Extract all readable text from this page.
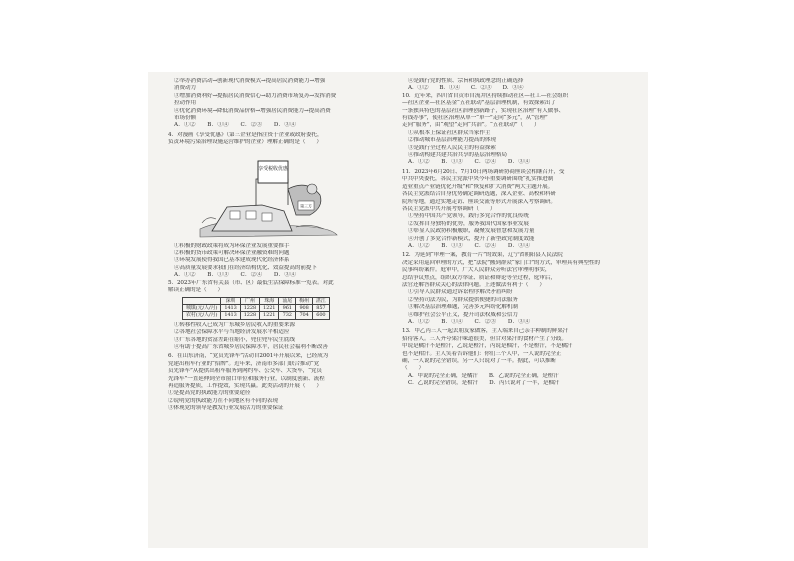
②举办消费活动→创新现代消费模式→提高居民消费能力→增强
消费动力
③增加消费利好→提振居民消费信心→助力消费市场复苏→发挥消费
拉动作用
④优化消费环境→降低消费品价格→增强居民消费能力→提高消费
市场份额
A．①②　　B．①④　　C．②③　　D．③④
4．对漫画《享受优惠》（第三企业是指注资于企业或政府委托，
负责环境污染治理设施运营维护的企业）理解正确的是（　　）
享受税收优惠
第三方
①积极的财政政策将成为环保企业发展重要推手
②积极的货币政策可解决环保企业融资难的问题
③环境发展使得我国已基本建成现代化经济体系
④高质量发展要求我们在经济结构优化、效益提高的前提下
A．①②　　B．①③　　C．②④　　D．③④
5．2023年广东省有关县（市、区）最低生活保障标准一览表。对此
解读正确的是（　　）
	深圳	广州	珠海	汕尾	梅州	湛江
城镇(元/人/月)	1413	1228	1221	961	908	857
农村(元/人/月)	1413	1228	1221	732	704	600
①转移性收入已成为广东城乡居民收入的重要来源
②各地社会保障水平与当地经济发展水平相适应
③广东各地的贫富差距在缩小，兜住兜牢民生底线
④有助于提高广东省城乡居民保障水平，居民社会福利不断改善
6．在山东济南，“党员先锋车”活动自2001年开展以来，已经成为
党建出租车行业的“招牌”。近年来，济南市多部门联合推动“党
员先锋车”从提供出租车服务到网约车、公交车、大货车，“党员
先锋车”一直延伸到全市窗口单位和服务行业，以制度创新、流程
再造服务提质，工作提效，实现共赢。此类活动的开展（　　）
①是提高党的执政能力的重要途径
②说明党的执政能力在不同地区有不同的表现
③体现党的领导是教发行业发展活力的重要保证
④是践行党的性质、宗旨和执政理念的正确选择
A．①②　　B．①④　　C．②③　　D．③④
10．近年来，四川省自贡市自流井区持续推动社区—社工—社会组织
—社区企业—社区基金“五社联动”基层治理机制，有效探索出了
一条独具特色的基层社区治理创新路子，实现社区治理“有人做事、
有钱办事”，使社区治理从单一“单一”走向“多元”，从“管理”
走向“服务”，由“观望”走向“共治”。“五社联动”（　　）
①从根本上保证社区群众当家作主
②推动城市基层治理能力提高的体现
③是践行全过程人民民主的有益探索
④推动构建共建共治共享的基层治理格局
A．①②　　B．①③　　C．②④　　D．③④
11．2023年6月20日、7月10日两场调研协商座谈会相继召开，受
中共中央委托，各民主党派中央今年重要调研围绕“扎实推进制
造业重点产业链优化升级”和“恢复和扩大消费”两大主题开展。
各民主党派结合自身优势确定调研选题，深入企业、高校和科研
院所等地，通过实地走访、座谈交流等形式开展深入考察调研。
各民主党派中共开展考察调研（　　）
①坚持中国共产党领导，践行多党合作的优良传统
②发挥自身独特的优势，服务我国代国家事业发展
③彰显人民政协积极履职，凝聚发展智慧和发展力量
④开创了多党合作新模式，提升了新型政党制度效能
A．①②　　B．①③　　C．②④　　D．③④
12．为延到“审理一案，教育一片”的效果，辽宁省朝阳县人民法院
决定采用巡回审理的方式，把“法院”搬到群众“家门口”的方式，审理具有典型性的
民事纠纷案件。庭审中，广大人民群众旁听法官审理明事实，
总结争议焦点，组织双方举证、质证和辩论等全过程，庭审后，
法官还解答群众关心的法律问题。上述做法有利于（　　）
①引导人民群众通过诉讼程序解决矛盾纠纷
②坚持司法为民，为群众提供便捷的司法服务
③解决基层治理难题，完善多元纠纷化解机制
④维护社会公平正义，提升司法权威和公信力
A．①②　　B．①④　　C．②③　　D．③④
13．甲乙丙三人一起去朋友家做客，主人端来自己亲手种制的鲜果汁
招待客人。三人齐夸果汁味道很美，但甘对果汁的食材产生了分歧。
甲说是橘汁不是橙汁，乙说是橙汁，丙说是柚汁，不是橙汁，不是橘汁
也不是柑汁。主人笑着告诉他们：你们三个人中，一人说的完全正
确，一人说的完全错误，另一人只说对了一半。据此，可以推断
（　　）
A．甲说的完全正确，是橘汁　　B．乙说的完全正确，是橙汁
C．乙说的完全错误，是柑汁　　D．丙只说对了一半，是柚汁
